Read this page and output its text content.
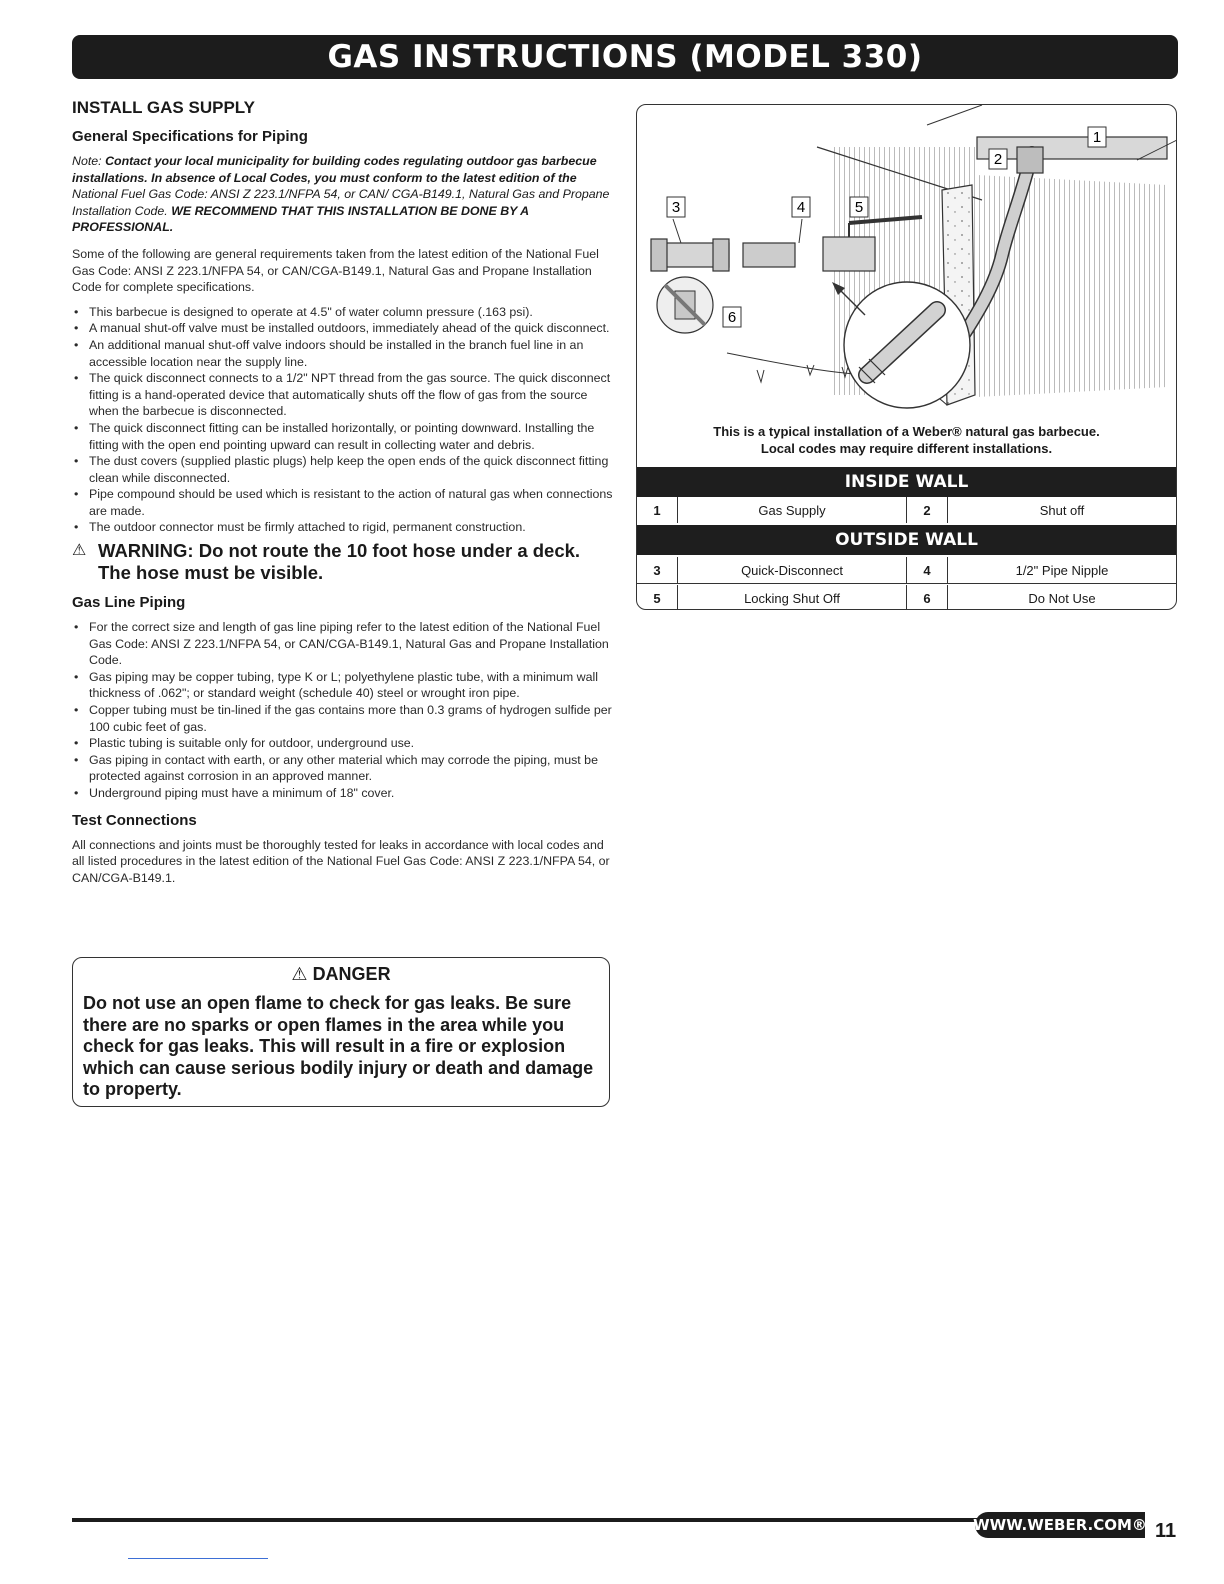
GAS INSTRUCTIONS (MODEL 330)
INSTALL GAS SUPPLY
General Specifications for Piping

Note: Contact your local municipality for building codes regulating outdoor gas barbecue installations. In absence of Local Codes, you must conform to the latest edition of the National Fuel Gas Code: ANSI Z 223.1/NFPA 54, or CAN/ CGA-B149.1, Natural Gas and Propane Installation Code. WE RECOMMEND THAT THIS INSTALLATION BE DONE BY A PROFESSIONAL.

Some of the following are general requirements taken from the latest edition of the National Fuel Gas Code: ANSI Z 223.1/NFPA 54, or CAN/CGA-B149.1, Natural Gas and Propane Installation Code for complete specifications.

• This barbecue is designed to operate at 4.5" of water column pressure (.163 psi).
• A manual shut-off valve must be installed outdoors, immediately ahead of the quick disconnect.
• An additional manual shut-off valve indoors should be installed in the branch fuel line in an accessible location near the supply line.
• The quick disconnect connects to a 1/2" NPT thread from the gas source. The quick disconnect fitting is a hand-operated device that automatically shuts off the flow of gas from the source when the barbecue is disconnected.
• The quick disconnect fitting can be installed horizontally, or pointing downward. Installing the fitting with the open end pointing upward can result in collecting water and debris.
• The dust covers (supplied plastic plugs) help keep the open ends of the quick disconnect fitting clean while disconnected.
• Pipe compound should be used which is resistant to the action of natural gas when connections are made.
• The outdoor connector must be firmly attached to rigid, permanent construction.
⚠ WARNING: Do not route the 10 foot hose under a deck. The hose must be visible.
Gas Line Piping
• For the correct size and length of gas line piping refer to the latest edition of the National Fuel Gas Code: ANSI Z 223.1/NFPA 54, or CAN/CGA-B149.1, Natural Gas and Propane Installation Code.
• Gas piping may be copper tubing, type K or L; polyethylene plastic tube, with a minimum wall thickness of .062"; or standard weight (schedule 40) steel or wrought iron pipe.
• Copper tubing must be tin-lined if the gas contains more than 0.3 grams of hydrogen sulfide per 100 cubic feet of gas.
• Plastic tubing is suitable only for outdoor, underground use.
• Gas piping in contact with earth, or any other material which may corrode the piping, must be protected against corrosion in an approved manner.
• Underground piping must have a minimum of 18" cover.
Test Connections

All connections and joints must be thoroughly tested for leaks in accordance with local codes and all listed procedures in the latest edition of the National Fuel Gas Code: ANSI Z 223.1/NFPA 54, or CAN/CGA-B149.1.

⚠ DANGER

Do not use an open flame to check for gas leaks. Be sure there are no sparks or open flames in the area while you check for gas leaks. This will result in a fire or explosion which can cause serious bodily injury or death and damage to property.

1
2
3	4	5
6
This is a typical installation of a Weber® natural gas barbecue.
Local codes may require different installations.
INSIDE WALL
1	Gas Supply	2	Shut off
OUTSIDE WALL
3	Quick-Disconnect	4	1/2" Pipe Nipple
5	Locking Shut Off	6	Do Not Use
WWW.WEBER.COM® 11
